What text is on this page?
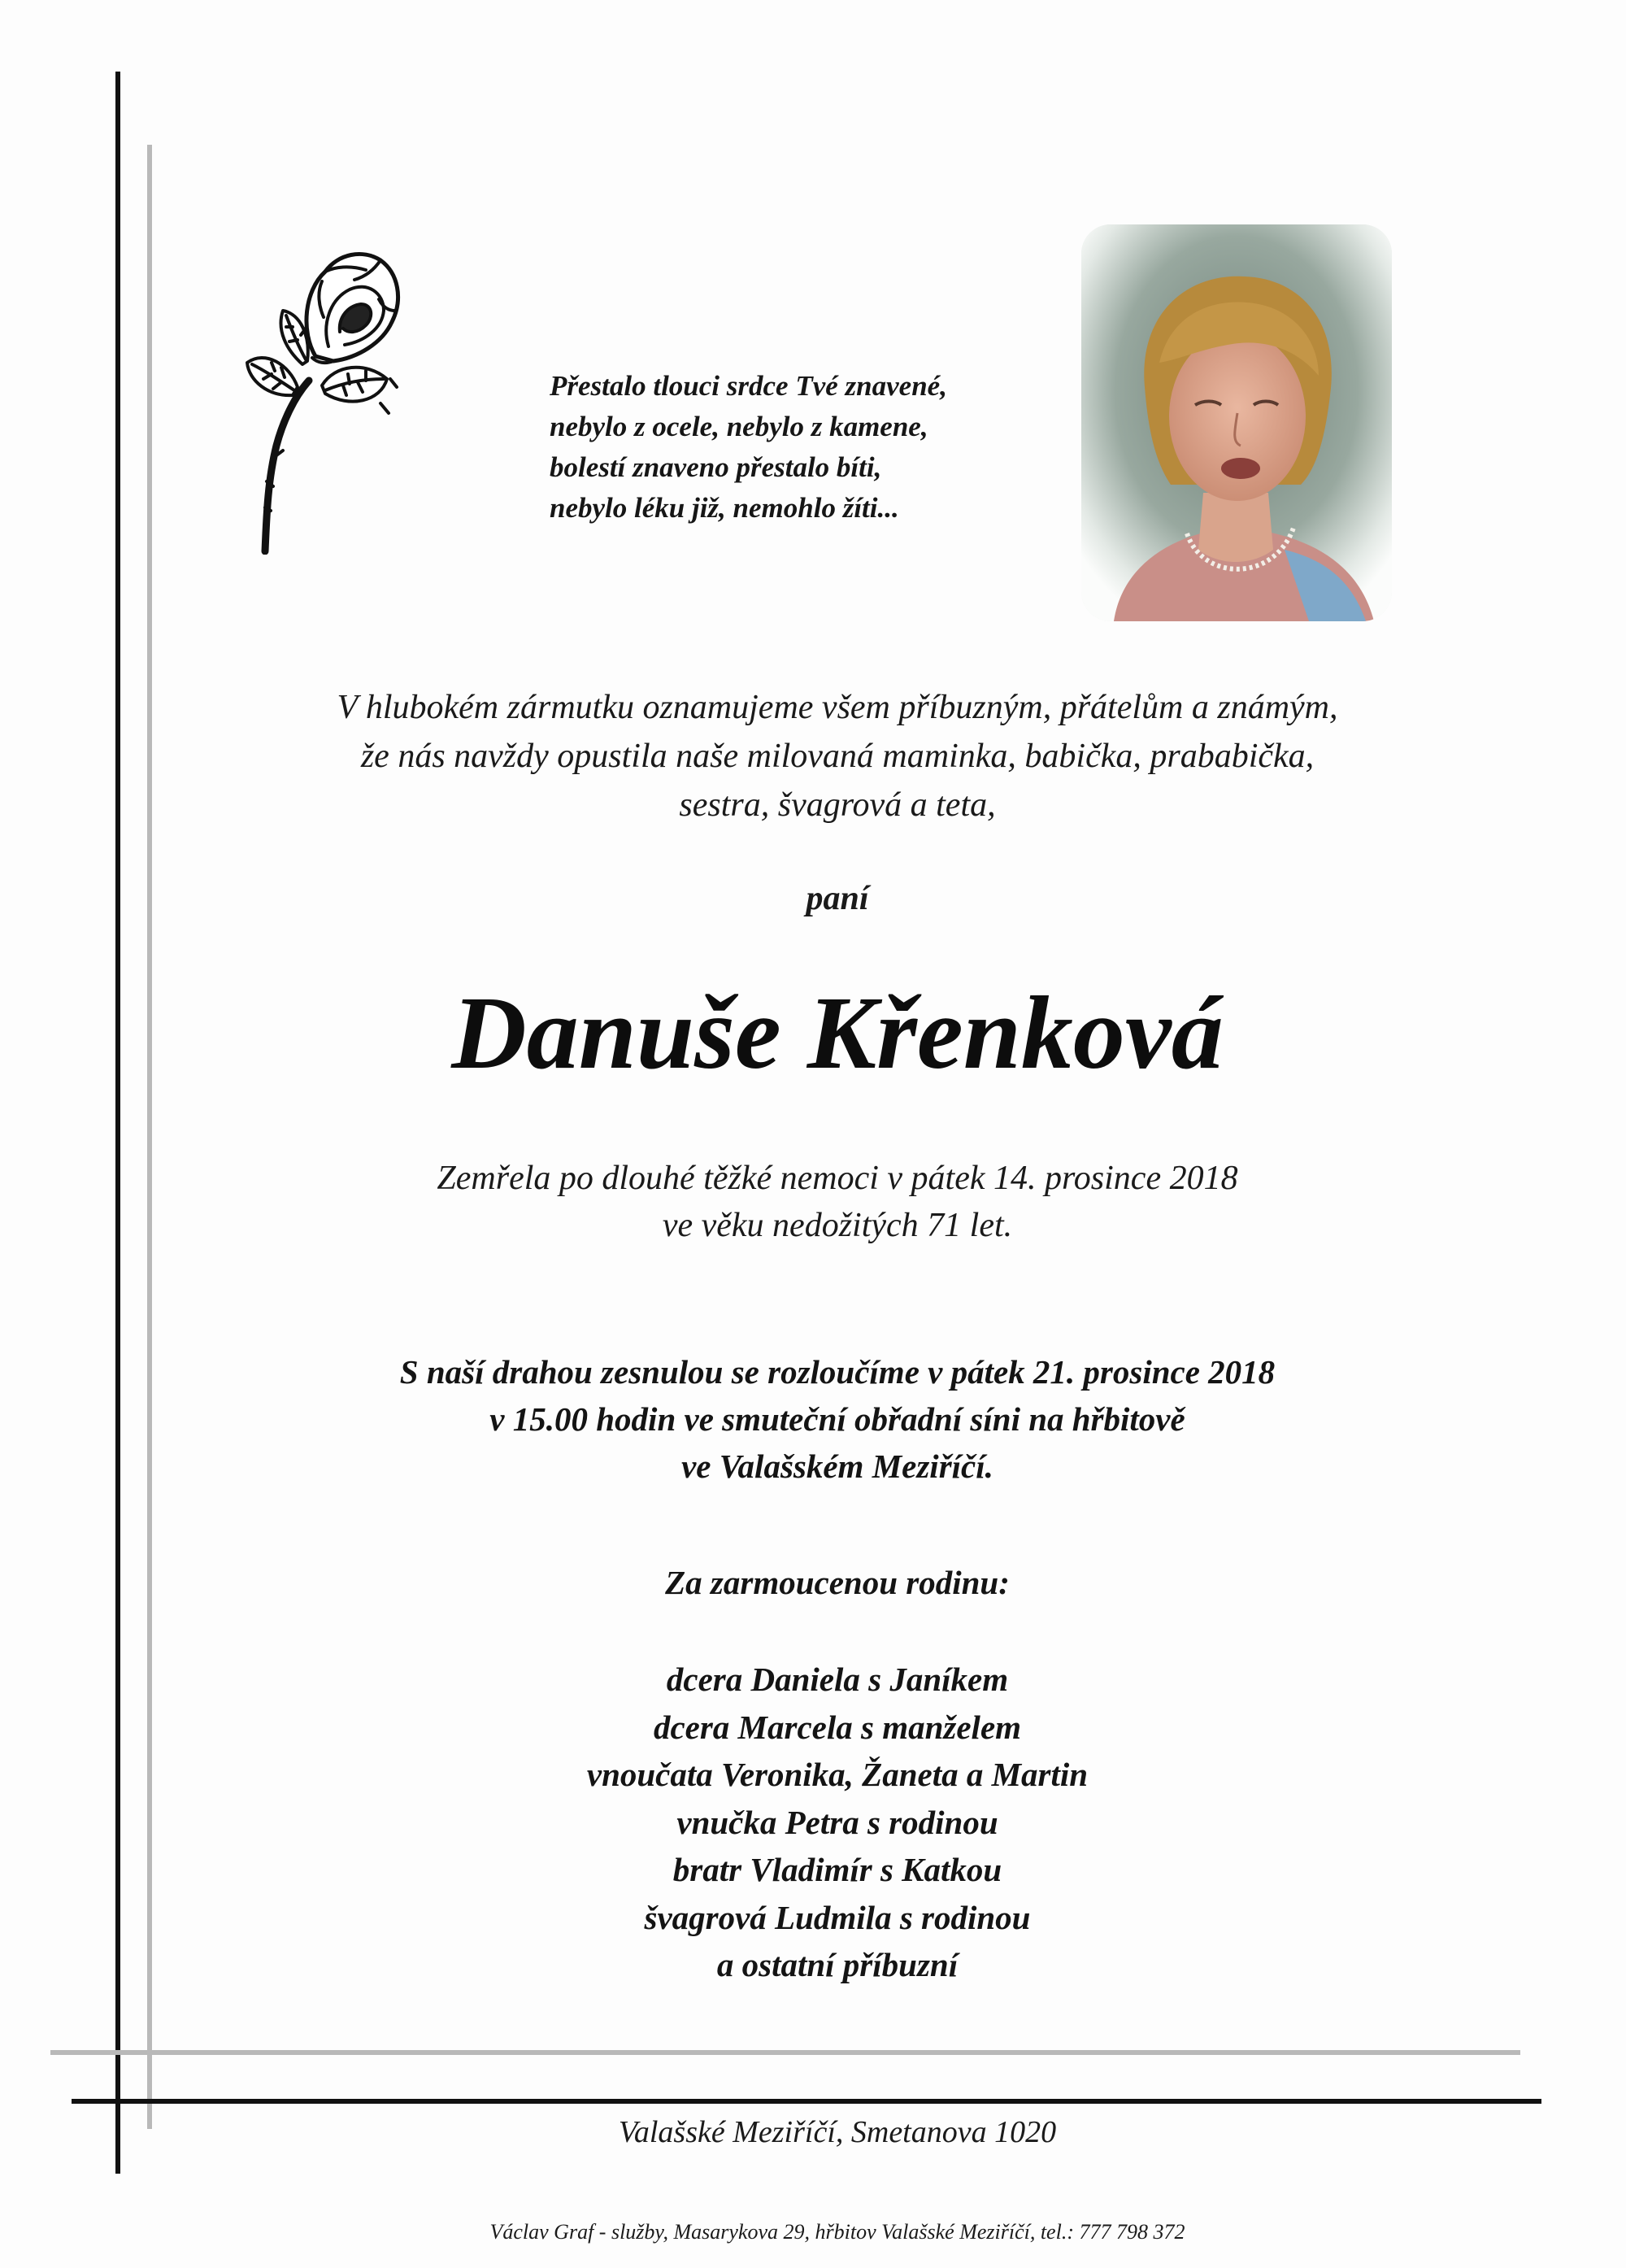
Přestalo tlouci srdce Tvé znavené,
nebylo z ocele, nebylo z kamene,
bolestí znaveno přestalo bíti,
nebylo léku již, nemohlo žíti...
V hlubokém zármutku oznamujeme všem příbuzným, přátelům a známým,
že nás navždy opustila naše milovaná maminka, babička, prababička,
sestra, švagrová a teta,
paní
Danuše Křenková
Zemřela po dlouhé těžké nemoci v pátek 14. prosince 2018
ve věku nedožitých 71 let.
S naší drahou zesnulou se rozloučíme v pátek 21. prosince 2018
v 15.00 hodin ve smuteční obřadní síni na hřbitově
ve Valašském Meziříčí.
Za zarmoucenou rodinu:
dcera Daniela s Janíkem
dcera Marcela s manželem
vnoučata Veronika, Žaneta a Martin
vnučka Petra s rodinou
bratr Vladimír s Katkou
švagrová Ludmila s rodinou
a ostatní příbuzní
Valašské Meziříčí, Smetanova 1020
Václav Graf - služby, Masarykova 29, hřbitov Valašské Meziříčí, tel.: 777 798 372
